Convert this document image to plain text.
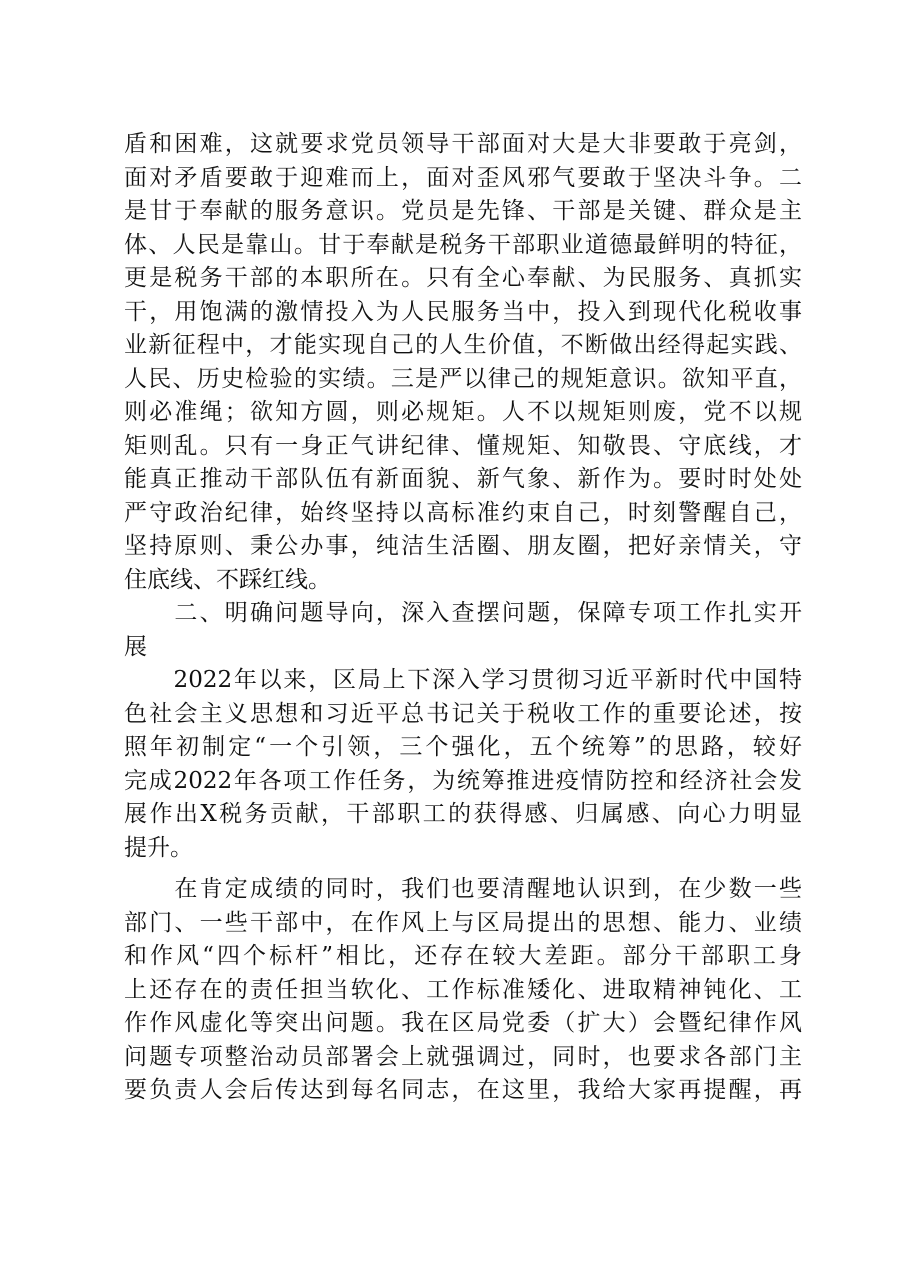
盾和困难，这就要求党员领导干部面对大是大非要敢于亮剑，
面对矛盾要敢于迎难而上，面对歪风邪气要敢于坚决斗争。二
是甘于奉献的服务意识。党员是先锋、干部是关键、群众是主
体、人民是靠山。甘于奉献是税务干部职业道德最鲜明的特征，
更是税务干部的本职所在。只有全心奉献、为民服务、真抓实
干，用饱满的激情投入为人民服务当中，投入到现代化税收事
业新征程中，才能实现自己的人生价值，不断做出经得起实践、
人民、历史检验的实绩。三是严以律己的规矩意识。欲知平直，
则必准绳；欲知方圆，则必规矩。人不以规矩则废，党不以规
矩则乱。只有一身正气讲纪律、懂规矩、知敬畏、守底线，才
能真正推动干部队伍有新面貌、新气象、新作为。要时时处处
严守政治纪律，始终坚持以高标准约束自己，时刻警醒自己，
坚持原则、秉公办事，纯洁生活圈、朋友圈，把好亲情关，守
住底线、不踩红线。
　　二、明确问题导向，深入查摆问题，保障专项工作扎实开
展
　　2022年以来，区局上下深入学习贯彻习近平新时代中国特
色社会主义思想和习近平总书记关于税收工作的重要论述，按
照年初制定“一个引领，三个强化，五个统筹”的思路，较好
完成2022年各项工作任务，为统筹推进疫情防控和经济社会发
展作出X税务贡献，干部职工的获得感、归属感、向心力明显
提升。
　　在肯定成绩的同时，我们也要清醒地认识到，在少数一些
部门、一些干部中，在作风上与区局提出的思想、能力、业绩
和作风“四个标杆”相比，还存在较大差距。部分干部职工身
上还存在的责任担当软化、工作标准矮化、进取精神钝化、工
作作风虚化等突出问题。我在区局党委（扩大）会暨纪律作风
问题专项整治动员部署会上就强调过，同时，也要求各部门主
要负责人会后传达到每名同志，在这里，我给大家再提醒，再
